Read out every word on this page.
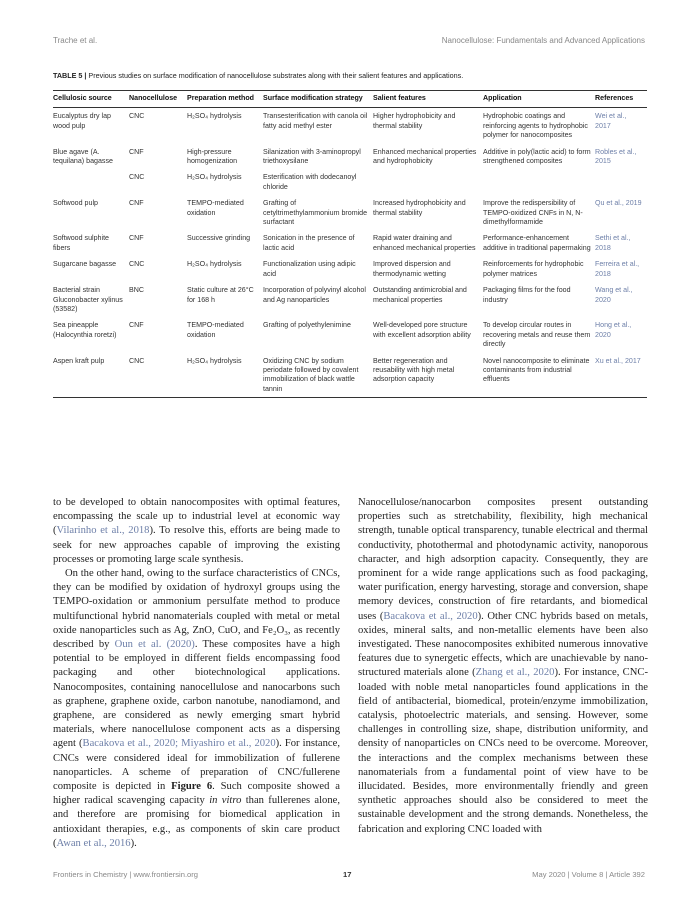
Trache et al.	Nanocellulose: Fundamentals and Advanced Applications
TABLE 5 | Previous studies on surface modification of nanocellulose substrates along with their salient features and applications.
Cellulosic source	Nanocellulose	Preparation method	Surface modification strategy	Salient features	Application	References
Eucalyptus dry lap wood pulp	CNC	H₂SO₄ hydrolysis	Transesterification with canola oil fatty acid methyl ester	Higher hydrophobicity and thermal stability	Hydrophobic coatings and reinforcing agents to hydrophobic polymer for nanocomposites	Wei et al., 2017
Blue agave (A. tequilana) bagasse	CNF	High-pressure homogenization	Silanization with 3-aminopropyl triethoxysilane	Enhanced mechanical properties and hydrophobicity	Additive in poly(lactic acid) to form strengthened composites	Robles et al., 2015
	CNC	H₂SO₄ hydrolysis	Esterification with dodecanoyl chloride			
Softwood pulp	CNF	TEMPO-mediated oxidation	Grafting of cetyltrimethylammonium bromide surfactant	Increased hydrophobicity and thermal stability	Improve the redispersibility of TEMPO-oxidized CNFs in N, N-dimethylformamide	Qu et al., 2019
Softwood sulphite fibers	CNF	Successive grinding	Sonication in the presence of lactic acid	Rapid water draining and enhanced mechanical properties	Performance-enhancement additive in traditional papermaking	Sethi et al., 2018
Sugarcane bagasse	CNC	H₂SO₄ hydrolysis	Functionalization using adipic acid	Improved dispersion and thermodynamic wetting	Reinforcements for hydrophobic polymer matrices	Ferreira et al., 2018
Bacterial strain Gluconobacter xylinus (53582)	BNC	Static culture at 26°C for 168 h	Incorporation of polyvinyl alcohol and Ag nanoparticles	Outstanding antimicrobial and mechanical properties	Packaging films for the food industry	Wang et al., 2020
Sea pineapple (Halocynthia roretzi)	CNF	TEMPO-mediated oxidation	Grafting of polyethylenimine	Well-developed pore structure with excellent adsorption ability	To develop circular routes in recovering metals and reuse them directly	Hong et al., 2020
Aspen kraft pulp	CNC	H₂SO₄ hydrolysis	Oxidizing CNC by sodium periodate followed by covalent immobilization of black wattle tannin	Better regeneration and reusability with high metal adsorption capacity	Novel nanocomposite to eliminate contaminants from industrial effluents	Xu et al., 2017

to be developed to obtain nanocomposites with optimal features, encompassing the scale up to industrial level at economic way (Vilarinho et al., 2018). To resolve this, efforts are being made to seek for new approaches capable of improving the existing processes or promoting large scale synthesis.

On the other hand, owing to the surface characteristics of CNCs, they can be modified by oxidation of hydroxyl groups using the TEMPO-oxidation or ammonium persulfate method to produce multifunctional hybrid nanomaterials coupled with metal or metal oxide nanoparticles such as Ag, ZnO, CuO, and Fe₂O₃, as recently described by Oun et al. (2020). These composites have a high potential to be employed in different fields encompassing food packaging and other biotechnological applications. Nanocomposites, containing nanocellulose and nanocarbons such as graphene, graphene oxide, carbon nanotube, nanodiamond, and graphene, are considered as newly emerging smart hybrid materials, where nanocellulose component acts as a dispersing agent (Bacakova et al., 2020; Miyashiro et al., 2020). For instance, CNCs were considered ideal for immobilization of fullerene nanoparticles. A scheme of preparation of CNC/fullerene composite is depicted in Figure 6. Such composite showed a higher radical scavenging capacity in vitro than fullerenes alone, and therefore are promising for biomedical application in antioxidant therapies, e.g., as components of skin care product (Awan et al., 2016).

Nanocellulose/nanocarbon composites present outstanding properties such as stretchability, flexibility, high mechanical strength, tunable optical transparency, tunable electrical and thermal conductivity, photothermal and photodynamic activity, nanoporous character, and high adsorption capacity. Consequently, they are prominent for a wide range applications such as food packaging, water purification, energy harvesting, storage and conversion, shape memory devices, construction of fire retardants, and biomedical uses (Bacakova et al., 2020). Other CNC hybrids based on metals, oxides, mineral salts, and non-metallic elements have been also investigated. These nanocomposites exhibited numerous innovative features due to synergetic effects, which are unachievable by nano-structured materials alone (Zhang et al., 2020). For instance, CNC-loaded with noble metal nanoparticles found applications in the field of antibacterial, biomedical, protein/enzyme immobilization, catalysis, photoelectric materials, and sensing. However, some challenges in controlling size, shape, distribution uniformity, and density of nanoparticles on CNCs need to be overcome. Moreover, the interactions and the complex mechanisms between these nanomaterials from a fundamental point of view have to be illucidated. Besides, more environmentally friendly and green synthetic approaches should also be considered to meet the sustainable development and the strong demands. Nonetheless, the fabrication and exploring CNC loaded with

Frontiers in Chemistry | www.frontiersin.org	17	May 2020 | Volume 8 | Article 392
